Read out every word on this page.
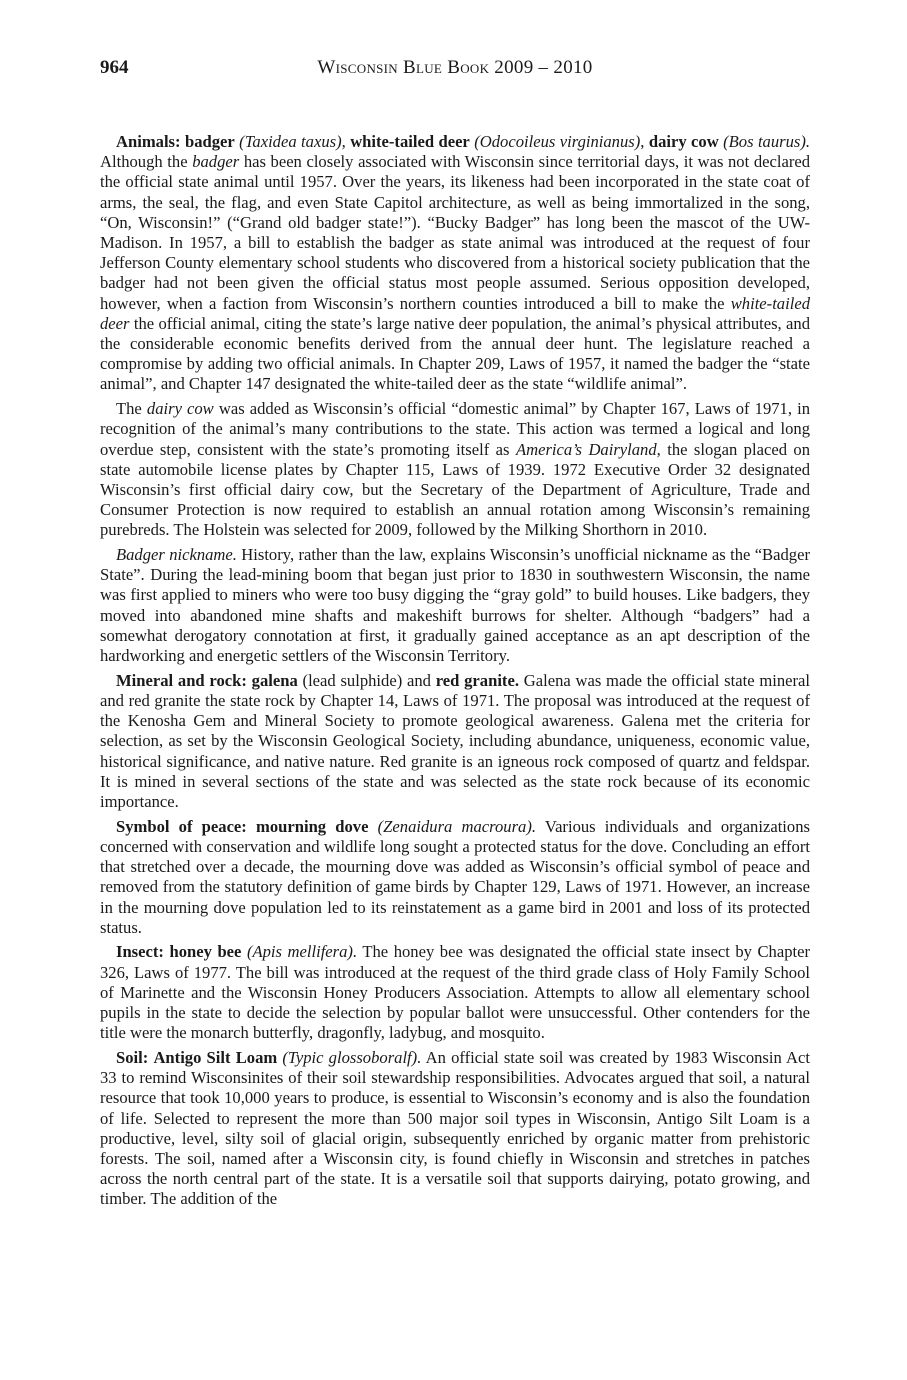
964	Wisconsin Blue Book 2009 – 2010

Animals: badger (Taxidea taxus), white-tailed deer (Odocoileus virginianus), dairy cow (Bos taurus). Although the badger has been closely associated with Wisconsin since territorial days, it was not declared the official state animal until 1957. Over the years, its likeness had been incorporated in the state coat of arms, the seal, the flag, and even State Capitol architecture, as well as being immortalized in the song, “On, Wisconsin!” (“Grand old badger state!”). “Bucky Badger” has long been the mascot of the UW-Madison. In 1957, a bill to establish the badger as state animal was introduced at the request of four Jefferson County elementary school students who discovered from a historical society publication that the badger had not been given the official status most people assumed. Serious opposition developed, however, when a faction from Wisconsin’s northern counties introduced a bill to make the white-tailed deer the official animal, citing the state’s large native deer population, the animal’s physical attributes, and the considerable economic benefits derived from the annual deer hunt. The legislature reached a compromise by adding two official animals. In Chapter 209, Laws of 1957, it named the badger the “state animal”, and Chapter 147 designated the white-tailed deer as the state “wildlife animal”.

The dairy cow was added as Wisconsin’s official “domestic animal” by Chapter 167, Laws of 1971, in recognition of the animal’s many contributions to the state. This action was termed a logical and long overdue step, consistent with the state’s promoting itself as America’s Dairyland, the slogan placed on state automobile license plates by Chapter 115, Laws of 1939. 1972 Executive Order 32 designated Wisconsin’s first official dairy cow, but the Secretary of the Department of Agriculture, Trade and Consumer Protection is now required to establish an annual rotation among Wisconsin’s remaining purebreds. The Holstein was selected for 2009, followed by the Milking Shorthorn in 2010.

Badger nickname. History, rather than the law, explains Wisconsin’s unofficial nickname as the “Badger State”. During the lead-mining boom that began just prior to 1830 in southwestern Wisconsin, the name was first applied to miners who were too busy digging the “gray gold” to build houses. Like badgers, they moved into abandoned mine shafts and makeshift burrows for shelter. Although “badgers” had a somewhat derogatory connotation at first, it gradually gained acceptance as an apt description of the hardworking and energetic settlers of the Wisconsin Territory.

Mineral and rock: galena (lead sulphide) and red granite. Galena was made the official state mineral and red granite the state rock by Chapter 14, Laws of 1971. The proposal was introduced at the request of the Kenosha Gem and Mineral Society to promote geological awareness. Galena met the criteria for selection, as set by the Wisconsin Geological Society, including abundance, uniqueness, economic value, historical significance, and native nature. Red granite is an igneous rock composed of quartz and feldspar. It is mined in several sections of the state and was selected as the state rock because of its economic importance.

Symbol of peace: mourning dove (Zenaidura macroura). Various individuals and organizations concerned with conservation and wildlife long sought a protected status for the dove. Concluding an effort that stretched over a decade, the mourning dove was added as Wisconsin’s official symbol of peace and removed from the statutory definition of game birds by Chapter 129, Laws of 1971. However, an increase in the mourning dove population led to its reinstatement as a game bird in 2001 and loss of its protected status.

Insect: honey bee (Apis mellifera). The honey bee was designated the official state insect by Chapter 326, Laws of 1977. The bill was introduced at the request of the third grade class of Holy Family School of Marinette and the Wisconsin Honey Producers Association. Attempts to allow all elementary school pupils in the state to decide the selection by popular ballot were unsuccessful. Other contenders for the title were the monarch butterfly, dragonfly, ladybug, and mosquito.

Soil: Antigo Silt Loam (Typic glossoboralf). An official state soil was created by 1983 Wisconsin Act 33 to remind Wisconsinites of their soil stewardship responsibilities. Advocates argued that soil, a natural resource that took 10,000 years to produce, is essential to Wisconsin’s economy and is also the foundation of life. Selected to represent the more than 500 major soil types in Wisconsin, Antigo Silt Loam is a productive, level, silty soil of glacial origin, subsequently enriched by organic matter from prehistoric forests. The soil, named after a Wisconsin city, is found chiefly in Wisconsin and stretches in patches across the north central part of the state. It is a versatile soil that supports dairying, potato growing, and timber. The addition of the
